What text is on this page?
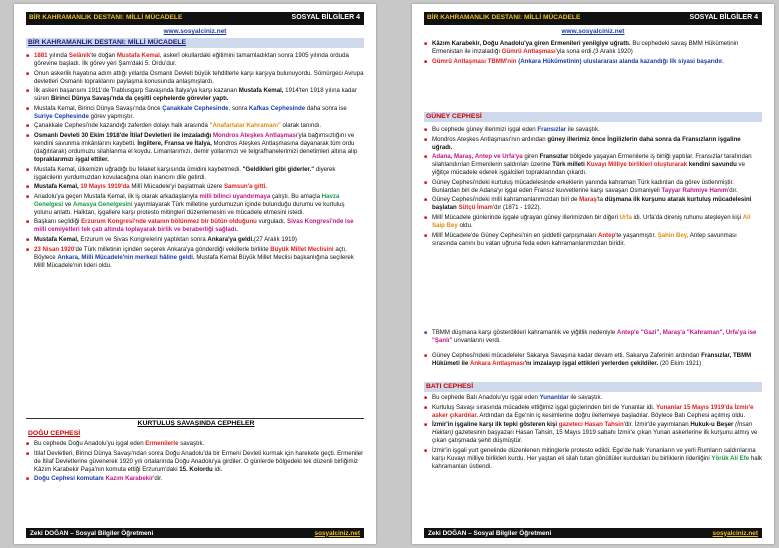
BİR KAHRAMANLIK DESTANI: MİLLİ MÜCADELE	SOSYAL BİLGİLER 4
www.sosyalciniz.net
BİR KAHRAMANLIK DESTANI: MİLLİ MÜCADELE

■ 1881 yılında Selânik'te doğan Mustafa Kemal, askerî okullardaki eğitimini tamamladıktan sonra 1905 yılında orduda görevine başladı. İlk görev yeri Şam'daki 5. Ordu'dur.

■ Onun askerlik hayatına adım attığı yıllarda Osmanlı Devleti büyük tehditlerle karşı karşıya bulunuyordu. Sömürgeci Avrupa devletleri Osmanlı topraklarını paylaşma konusunda anlaşmışlardı.

■ İlk askeri başarısını 1911'de Trablusgarp Savaşında İtalya'ya karşı kazanan Mustafa Kemal, 1914'ten 1918 yılına kadar süren Birinci Dünya Savaşı'nda da çeşitli cephelerde görevler yaptı.

■ Mustafa Kemal, Birinci Dünya Savaşı'nda önce Çanakkale Cephesinde, sonra Kafkas Cephesinde daha sonra ise Suriye Cephesinde görev yapmıştır.

■ Çanakkale Cephesi'nde kazandığı zaferden dolayı halk arasında "Anafartalar Kahramanı" olarak tanındı.

■ Osmanlı Devleti 30 Ekim 1918'de İtilaf Devletleri ile imzaladığı Mondros Ateşkes Antlaşması'yla bağımsızlığını ve kendini savunma imkânlarını kaybetti. İngiltere, Fransa ve İtalya, Mondros Ateşkes Antlaşmasına dayanarak tüm ordu (dağıtılarak) ordumuzu silahlanma el koydu. Limanlarımızı, demir yollarımızı ve telgrafhanelerimizi denetimleri altına alıp topraklarımızı işgal ettiler.

■ Mustafa Kemal, ülkemizin uğradığı bu felaket karşısında ümidini kaybetmedi. "Geldikleri gibi giderler." diyerek işgalcilerin yurdumuzdan kovulacağına olan inancını dile getirdi.

■ Mustafa Kemal, 19 Mayıs 1919'da Millî Mücadele'yi başlatmak üzere Samsun'a gitti.

■ Anadolu'ya geçen Mustafa Kemal, ilk iş olarak arkadaşlarıyla milli bilinci uyandırmaya çalıştı. Bu amaçla Havza Genelgesi ve Amasya Genelgesini yayımlayarak Türk milletine yurdumuzun içinde bulunduğu durumu ve kurtuluş yolunu anlattı. Halktan, işgallere karşı protesto mitingleri düzenlemesini ve mücadele etmesini istedi.

■ Başkanı seçildiği Erzurum Kongresi'nde vatanın bölünmez bir bütün olduğunu vurguladı. Sivas Kongresi'nde ise milli cemiyetleri tek çatı altında toplayarak birlik ve beraberliği sağladı.

■ Mustafa Kemal, Erzurum ve Sivas Kongrelerini yaptıktan sonra Ankara'ya geldi.(27 Aralık 1919)

■ 23 Nisan 1920'de Türk milletinin içinden seçerek Ankara'ya gönderdiği vekillerle birlikte Büyük Millet Meclisini açtı. Böylece Ankara, Milli Mücadele'nin merkezi hâline geldi. Mustafa Kemal Büyük Millet Meclisi başkanlığına seçilerek Millî Mücadele'nin lideri oldu.

KURTULUŞ SAVAŞINDA CEPHELER
DOĞU CEPHESİ

■ Bu cephede Doğu Anadolu'yu işgal eden Ermenilerle savaştık.

■ İtilaf Devletleri, Birinci Dünya Savaşı'ndan sonra Doğu Anadolu'da bir Ermeni Devleti kurmak için harekete geçti. Ermeniler de İtilaf Devletlerine güvenerek 1920 yılı ortalarında Doğu Anadolu'ya girdiler. O günlerde bölgedeki tek düzenli birliğimiz Kâzım Karabekir Paşa'nın komuta ettiği Erzurum'daki 15. Kolordu idi.

■ Doğu Cephesi komutanı Kazım Karabekir'dir.

Zeki DOĞAN – Sosyal Bilgiler Öğretmeni	sosyalciniz.net
BİR KAHRAMANLIK DESTANI: MİLLİ MÜCADELE	SOSYAL BİLGİLER 4
www.sosyalciniz.net

■ Kâzım Karabekir, Doğu Anadolu'ya giren Ermenileri yenilgiye uğrattı. Bu cephedeki savaş BMM Hükümetinin Ermenistan ile imzaladığı Gümrü Antlaşması'yla sona erdi.(3 Aralık 1920)

■ Gümrü Antlaşması TBMM'nin (Ankara Hükümetinin) uluslararası alanda kazandığı ilk siyasi başarıdır.

GÜNEY CEPHESİ

■ Bu cephede güney illerimizi işgal eden Fransızlar ile savaştık.

■ Mondros Ateşkes Antlaşması'nın ardından güney illerimiz önce İngilizlerin daha sonra da Fransızların işgaline uğradı.

■ Adana, Maraş, Antep ve Urfa'ya giren Fransızlar bölgede yaşayan Ermenilerle iş birliği yaptılar. Fransızlar tarafından silahlandırılan Ermenilerin saldırıları üzerine Türk milleti Kuvayı Milliye birlikleri oluşturarak kendini savundu ve yiğitçe mücadele ederek işgalcileri topraklarından çıkardı.

■ Güney Cephesi'ndeki kurtuluş mücadelesinde erkeklerin yanında kahraman Türk kadınları da görev üstlenmiştir. Bunlardan biri de Adana'yı işgal eden Fransız kuvvetlerine karşı savaşan Osmaniyeli Tayyar Rahmiye Hanım'dır.

■ Güney Cephesi'ndeki milli kahramanlarımızdan biri de Maraş'ta düşmana ilk kurşunu atarak kurtuluş mücadelesini başlatan Sütçü İmam'dır (1871 - 1922).

■ Millî Mücadele günlerinde işgale uğrayan güney illerimizden bir diğeri Urfa idi. Urfa'da direniş ruhunu ateşleyen kişi Ali Saip Bey oldu.

■ Millî Mücadele'de Güney Cephesi'nin en şiddetli çarpışmaları Antep'te yaşanmıştır. Şahin Bey, Antep savunması sırasında canını bu vatan uğruna feda eden kahramanlarımızdan biridir.

■ TBMM düşmana karşı gösterdikleri kahramanlık ve yiğitlik nedeniyle Antep'e "Gazi", Maraş'a "Kahraman", Urfa'ya ise "Şanlı" unvanlarını verdi.

■ Güney Cephesi'ndeki mücadeleler Sakarya Savaşına kadar devam etti. Sakarya Zaferinin ardından Fransızlar, TBMM Hükümeti ile Ankara Antlaşması'nı imzalayıp işgal ettikleri yerlerden çekildiler. (20 Ekim 1921)

BATI CEPHESİ

■ Bu cephede Batı Anadolu'yu işgal eden Yunanlılar ile savaştık.

■ Kurtuluş Savaşı sırasında mücadele ettiğimiz işgal güçlerinden biri de Yunanlar idi. Yunanlar 15 Mayıs 1919'da İzmir'e asker çıkardılar. Ardından da Ege'nin iç kesimlerine doğru ilerlemeye başladılar. Böylece Batı Cephesi açılmış oldu.

■ İzmir'in işgaline karşı ilk tepki gösteren kişi gazeteci Hasan Tahsin'dir. İzmir'de yayımlanan Hukuk-u Beşer (İnsan Hakları) gazetesinin başyazarı Hasan Tahsin, 15 Mayıs 1919 sabahı İzmir'e çıkan Yunan askerlerine ilk kurşunu atmış ve çıkan çatışmada şehit düşmüştür.

■ İzmir'in işgali yurt genelinde düzenlenen mitinglerle protesto edildi. Ege'de halk Yunanların ve yerli Rumların saldırılarına karşı Kuvayı milliye birlikleri kurdu. Her yaştan eli silah tutan gönüllüler kurdukları bu birliklerin liderliğini Yörük Ali Efe halk kahramanları üstlendi.

Zeki DOĞAN – Sosyal Bilgiler Öğretmeni	sosyalciniz.net
